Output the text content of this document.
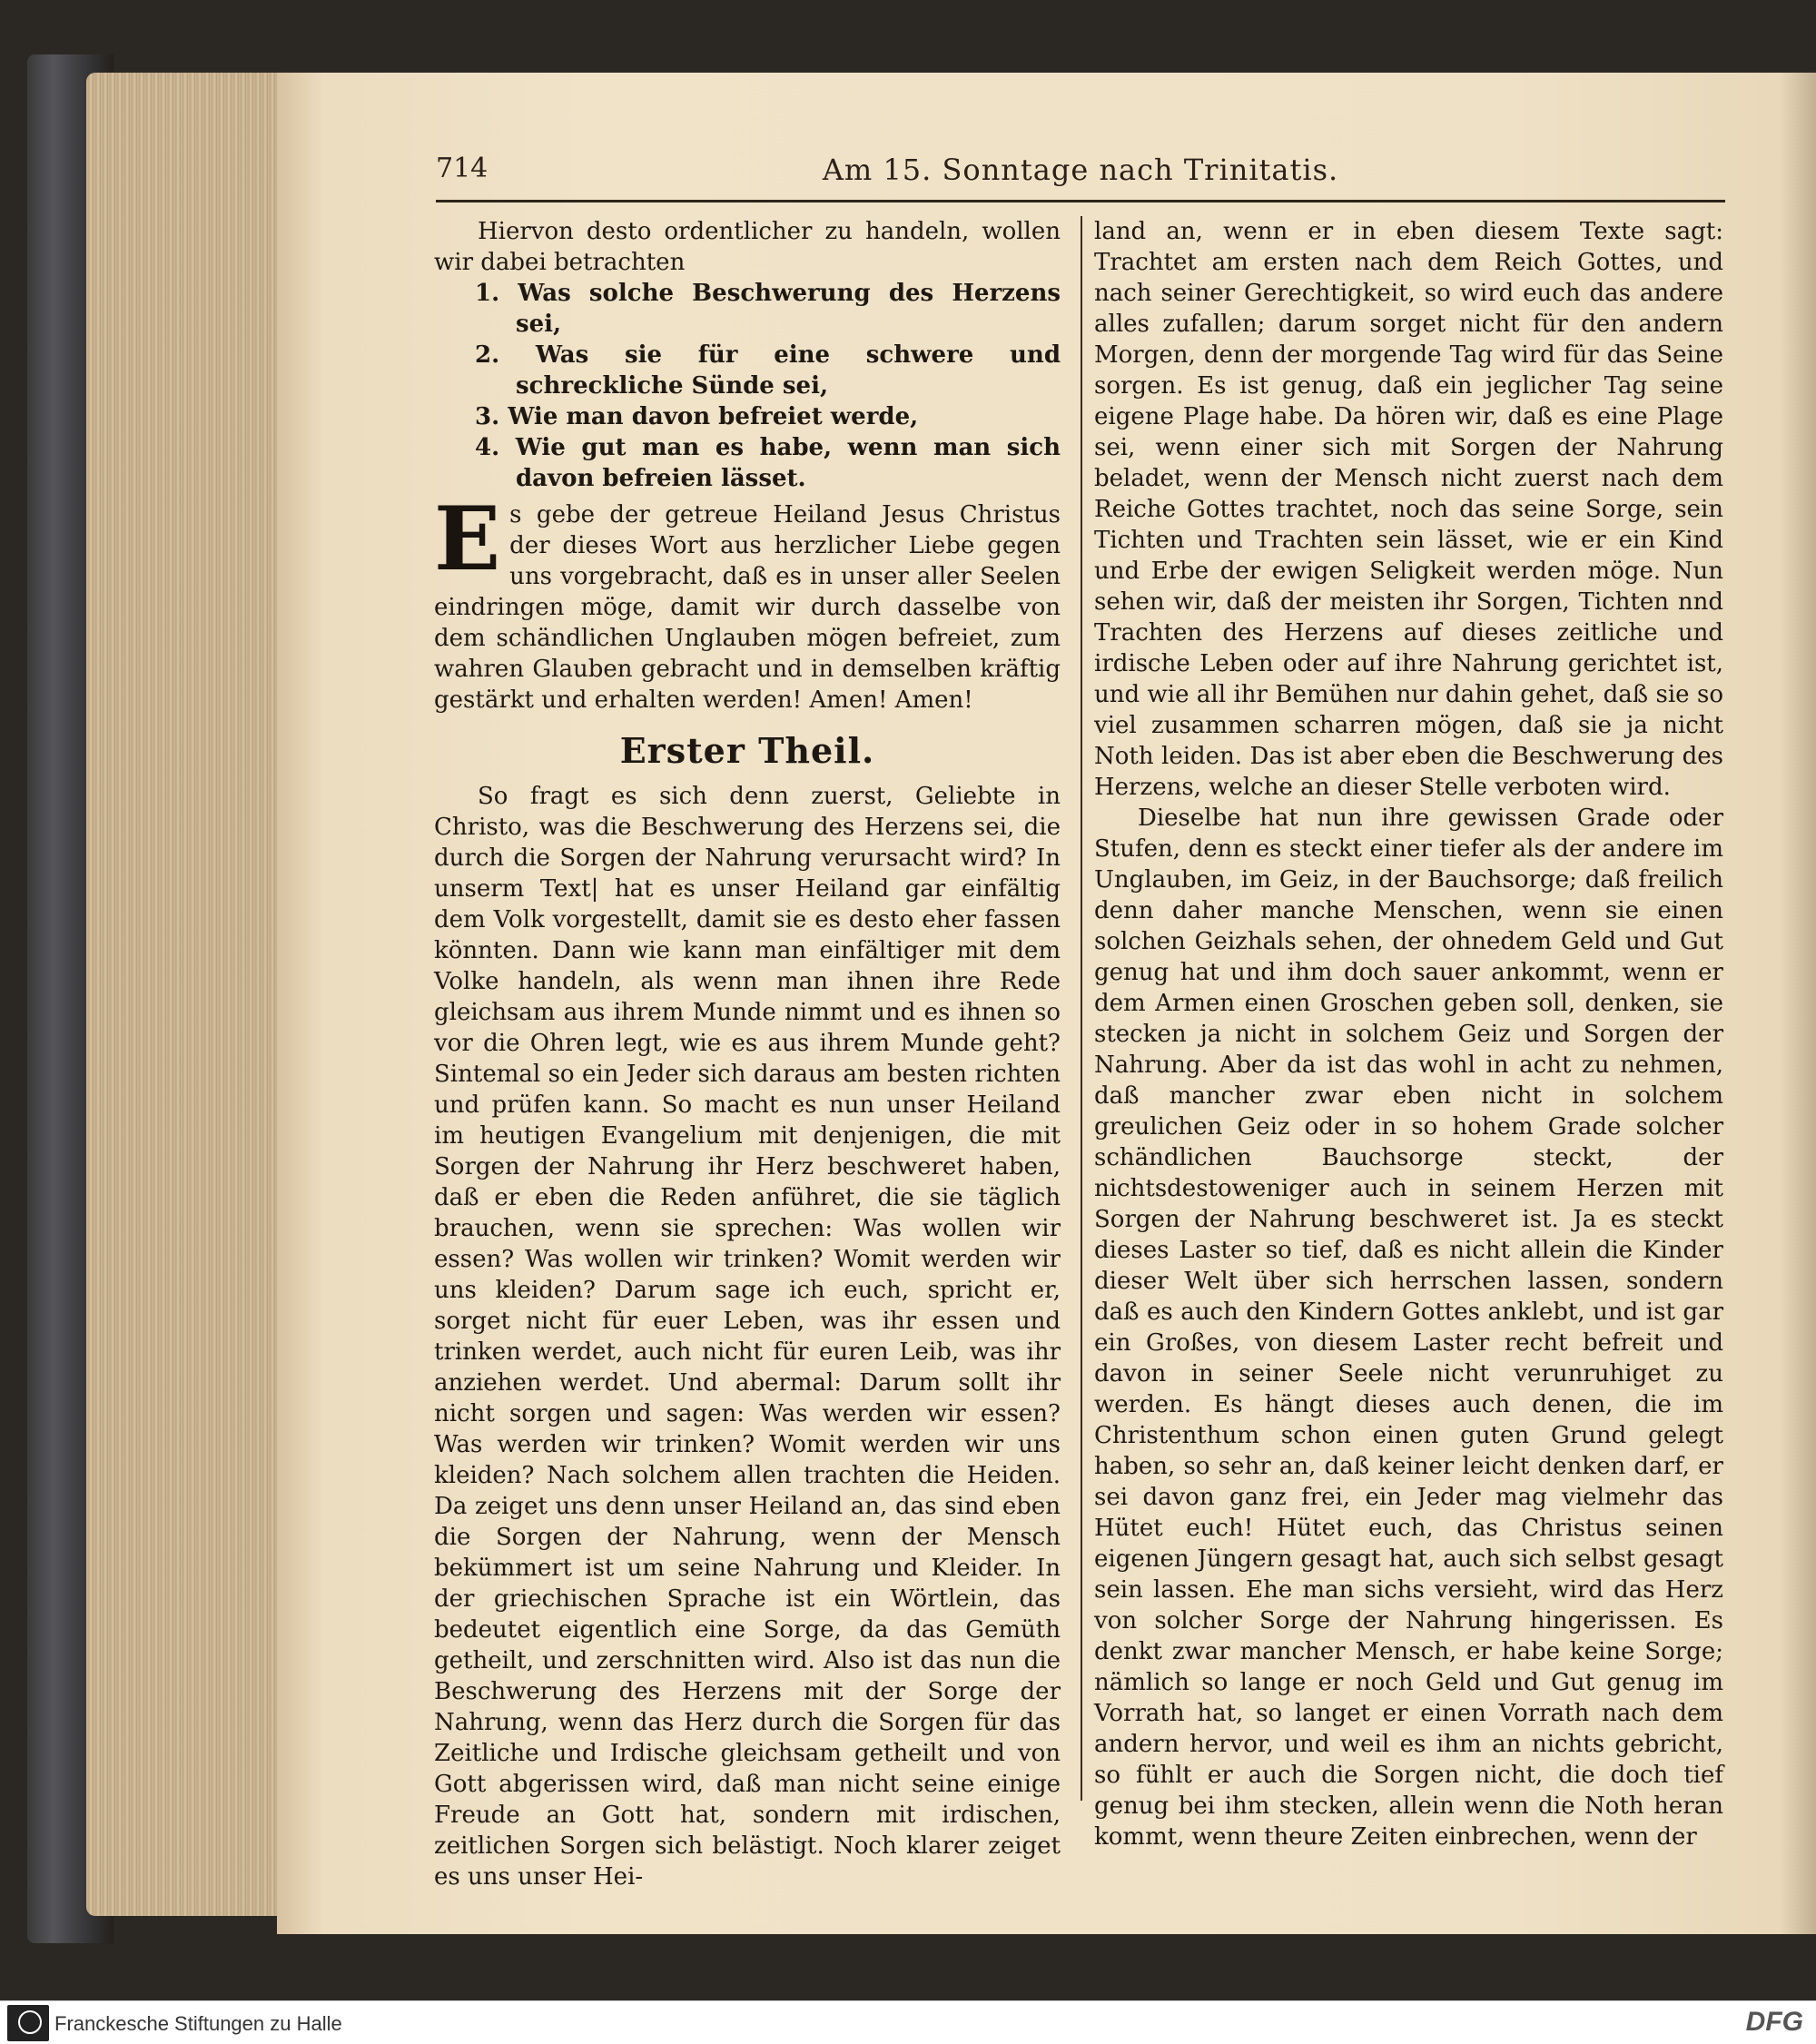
714	Am 15. Sonntage nach Trinitatis.

Hiervon desto ordentlicher zu handeln, wollen wir dabei betrachten

1. Was solche Beschwerung des Herzens sei,
2. Was sie für eine schwere und schreckliche Sünde sei,
3. Wie man davon befreiet werde,
4. Wie gut man es habe, wenn man sich davon befreien lässet.

Es gebe der getreue Heiland Jesus Christus der dieses Wort aus herzlicher Liebe gegen uns vorgebracht, daß es in unser aller Seelen eindringen möge, damit wir durch dasselbe von dem schändlichen Unglauben mögen befreiet, zum wahren Glauben gebracht und in demselben kräftig gestärkt und erhalten werden! Amen! Amen!

Erster Theil.

So fragt es sich denn zuerst, Geliebte in Christo, was die Beschwerung des Herzens sei, die durch die Sorgen der Nahrung verursacht wird? In unserm Text| hat es unser Heiland gar einfältig dem Volk vorgestellt, damit sie es desto eher fassen könnten. Dann wie kann man einfältiger mit dem Volke handeln, als wenn man ihnen ihre Rede gleichsam aus ihrem Munde nimmt und es ihnen so vor die Ohren legt, wie es aus ihrem Munde geht? Sintemal so ein Jeder sich daraus am besten richten und prüfen kann. So macht es nun unser Heiland im heutigen Evangelium mit denjenigen, die mit Sorgen der Nahrung ihr Herz beschweret haben, daß er eben die Reden anführet, die sie täglich brauchen, wenn sie sprechen: Was wollen wir essen? Was wollen wir trinken? Womit werden wir uns kleiden? Darum sage ich euch, spricht er, sorget nicht für euer Leben, was ihr essen und trinken werdet, auch nicht für euren Leib, was ihr anziehen werdet. Und abermal: Darum sollt ihr nicht sorgen und sagen: Was werden wir essen? Was werden wir trinken? Womit werden wir uns kleiden? Nach solchem allen trachten die Heiden. Da zeiget uns denn unser Heiland an, das sind eben die Sorgen der Nahrung, wenn der Mensch bekümmert ist um seine Nahrung und Kleider. In der griechischen Sprache ist ein Wörtlein, das bedeutet eigentlich eine Sorge, da das Gemüth getheilt, und zerschnitten wird. Also ist das nun die Beschwerung des Herzens mit der Sorge der Nahrung, wenn das Herz durch die Sorgen für das Zeitliche und Irdische gleichsam getheilt und von Gott abgerissen wird, daß man nicht seine einige Freude an Gott hat, sondern mit irdischen, zeitlichen Sorgen sich belästigt. Noch klarer zeiget es uns unser Hei-

land an, wenn er in eben diesem Texte sagt: Trachtet am ersten nach dem Reich Gottes, und nach seiner Gerechtigkeit, so wird euch das andere alles zufallen; darum sorget nicht für den andern Morgen, denn der morgende Tag wird für das Seine sorgen. Es ist genug, daß ein jeglicher Tag seine eigene Plage habe. Da hören wir, daß es eine Plage sei, wenn einer sich mit Sorgen der Nahrung beladet, wenn der Mensch nicht zuerst nach dem Reiche Gottes trachtet, noch das seine Sorge, sein Tichten und Trachten sein lässet, wie er ein Kind und Erbe der ewigen Seligkeit werden möge. Nun sehen wir, daß der meisten ihr Sorgen, Tichten nnd Trachten des Herzens auf dieses zeitliche und irdische Leben oder auf ihre Nahrung gerichtet ist, und wie all ihr Bemühen nur dahin gehet, daß sie so viel zusammen scharren mögen, daß sie ja nicht Noth leiden. Das ist aber eben die Beschwerung des Herzens, welche an dieser Stelle verboten wird.

Dieselbe hat nun ihre gewissen Grade oder Stufen, denn es steckt einer tiefer als der andere im Unglauben, im Geiz, in der Bauchsorge; daß freilich denn daher manche Menschen, wenn sie einen solchen Geizhals sehen, der ohnedem Geld und Gut genug hat und ihm doch sauer ankommt, wenn er dem Armen einen Groschen geben soll, denken, sie stecken ja nicht in solchem Geiz und Sorgen der Nahrung. Aber da ist das wohl in acht zu nehmen, daß mancher zwar eben nicht in solchem greulichen Geiz oder in so hohem Grade solcher schändlichen Bauchsorge steckt, der nichtsdestoweniger auch in seinem Herzen mit Sorgen der Nahrung beschweret ist. Ja es steckt dieses Laster so tief, daß es nicht allein die Kinder dieser Welt über sich herrschen lassen, sondern daß es auch den Kindern Gottes anklebt, und ist gar ein Großes, von diesem Laster recht befreit und davon in seiner Seele nicht verunruhiget zu werden. Es hängt dieses auch denen, die im Christenthum schon einen guten Grund gelegt haben, so sehr an, daß keiner leicht denken darf, er sei davon ganz frei, ein Jeder mag vielmehr das Hütet euch! Hütet euch, das Christus seinen eigenen Jüngern gesagt hat, auch sich selbst gesagt sein lassen. Ehe man sichs versieht, wird das Herz von solcher Sorge der Nahrung hingerissen. Es denkt zwar mancher Mensch, er habe keine Sorge; nämlich so lange er noch Geld und Gut genug im Vorrath hat, so langet er einen Vorrath nach dem andern hervor, und weil es ihm an nichts gebricht, so fühlt er auch die Sorgen nicht, die doch tief genug bei ihm stecken, allein wenn die Noth heran kommt, wenn theure Zeiten einbrechen, wenn der

Franckesche Stiftungen zu Halle	DFG
